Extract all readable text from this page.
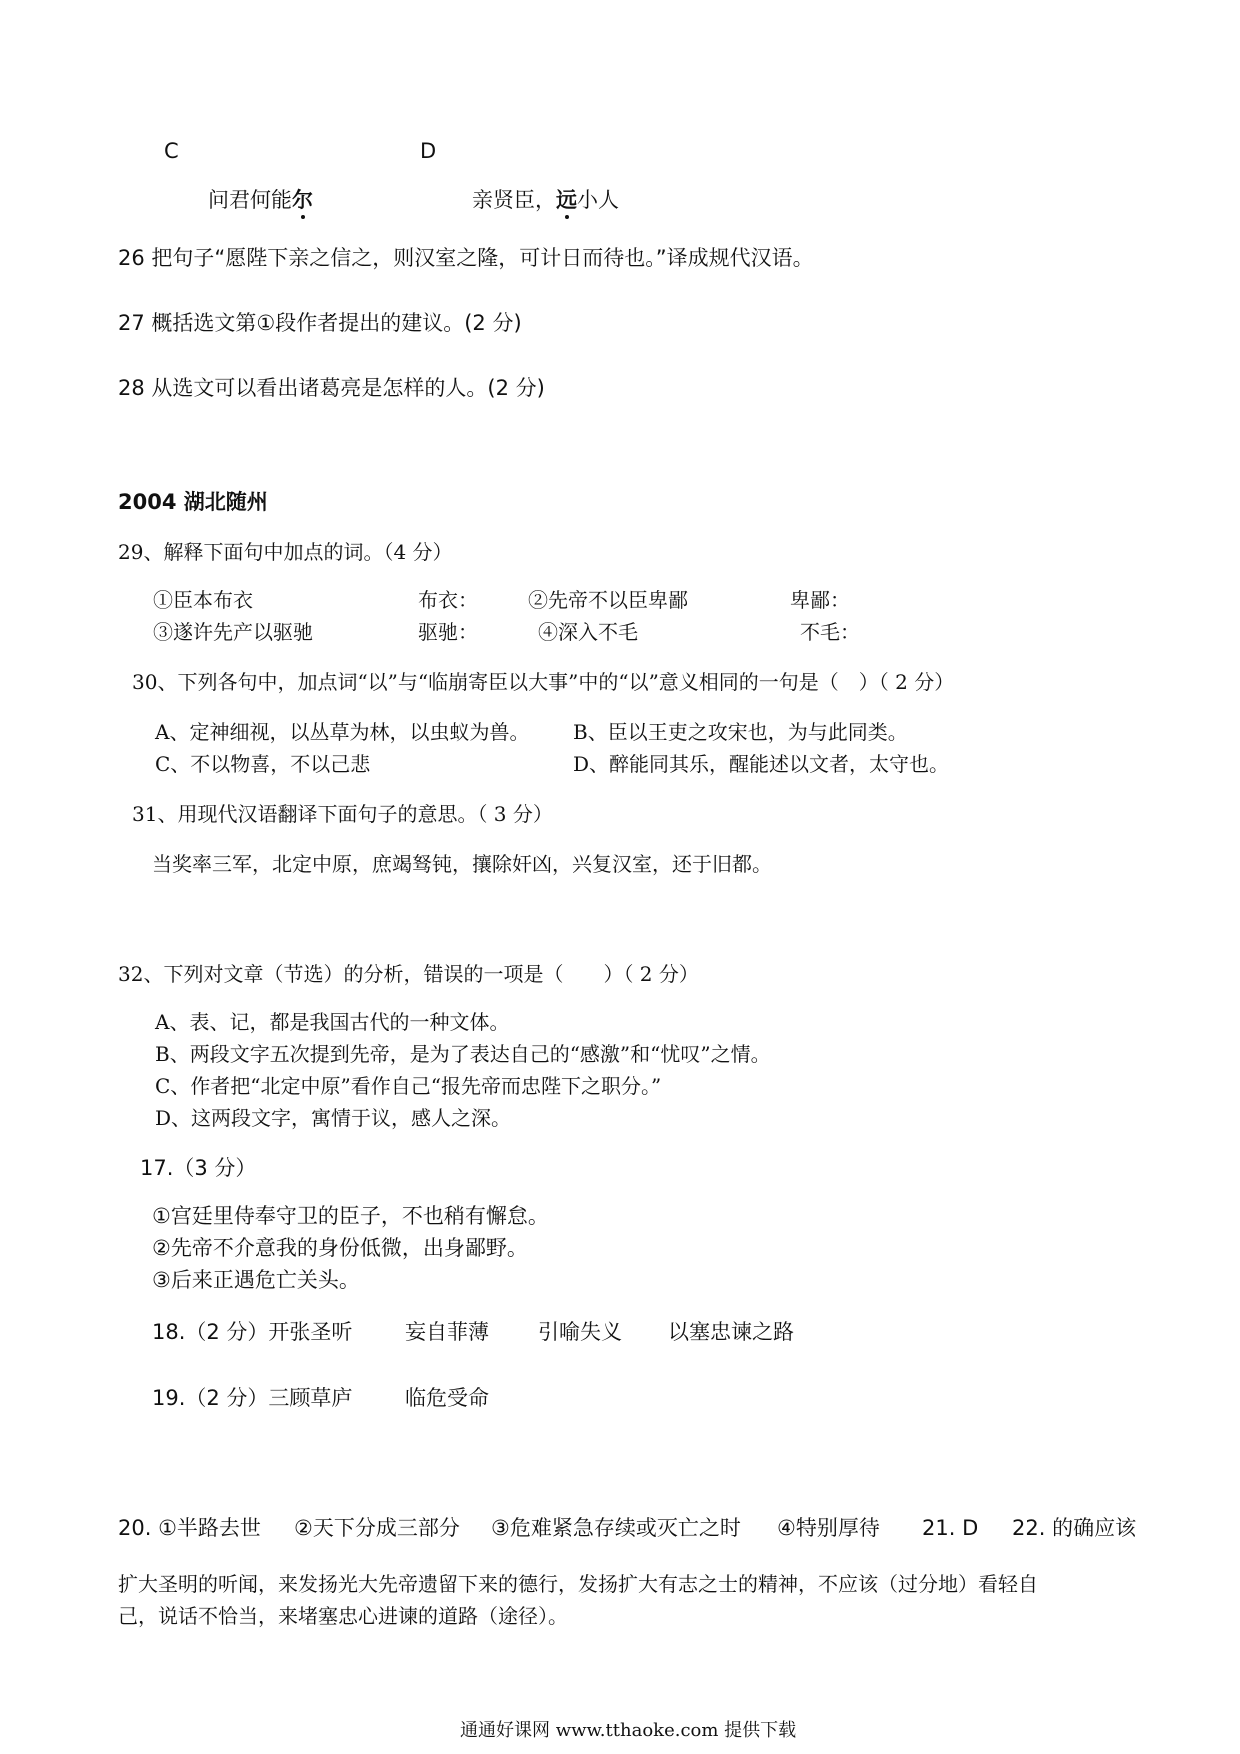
C	D
问君何能尔	亲贤臣，远小人
26 把句子“愿陛下亲之信之，则汉室之隆，可计日而待也。”译成规代汉语。
27 概括选文第①段作者提出的建议。(2 分)
28 从选文可以看出诸葛亮是怎样的人。(2 分)
2004 湖北随州
29、解释下面句中加点的词。（4 分）
①臣本布衣	布衣：	②先帝不以臣卑鄙	卑鄙：
③遂许先产以驱驰	驱驰：	④深入不毛	不毛：
30、下列各句中，加点词“以”与“临崩寄臣以大事”中的“以”意义相同的一句是（　）（ 2 分）
A、定神细视，以丛草为林，以虫蚁为兽。 B、臣以王吏之攻宋也，为与此同类。
C、不以物喜，不以己悲	D、醉能同其乐，醒能述以文者，太守也。
31、用现代汉语翻译下面句子的意思。（ 3 分）
当奖率三军，北定中原，庶竭驽钝，攘除奸凶，兴复汉室，还于旧都。
32、下列对文章（节选）的分析，错误的一项是（　　）（ 2 分）
A、表、记，都是我国古代的一种文体。
B、两段文字五次提到先帝，是为了表达自己的“感激”和“忧叹”之情。
C、作者把“北定中原”看作自己“报先帝而忠陛下之职分。”
D、这两段文字，寓情于议，感人之深。
17.（3 分）
①宫廷里侍奉守卫的臣子，不也稍有懈怠。
②先帝不介意我的身份低微，出身鄙野。
③后来正遇危亡关头。
18.（2 分）开张圣听	妄自菲薄 引喻失义 以塞忠谏之路
19.（2 分）三顾草庐	临危受命
20. ①半路去世 ②天下分成三部分 ③危难紧急存续或灭亡之时 ④特别厚待 21. D 22. 的确应该
扩大圣明的听闻，来发扬光大先帝遗留下来的德行，发扬扩大有志之士的精神，不应该（过分地）看轻自
己，说话不恰当，来堵塞忠心进谏的道路（途径）。
通通好课网 www.tthaoke.com 提供下载
